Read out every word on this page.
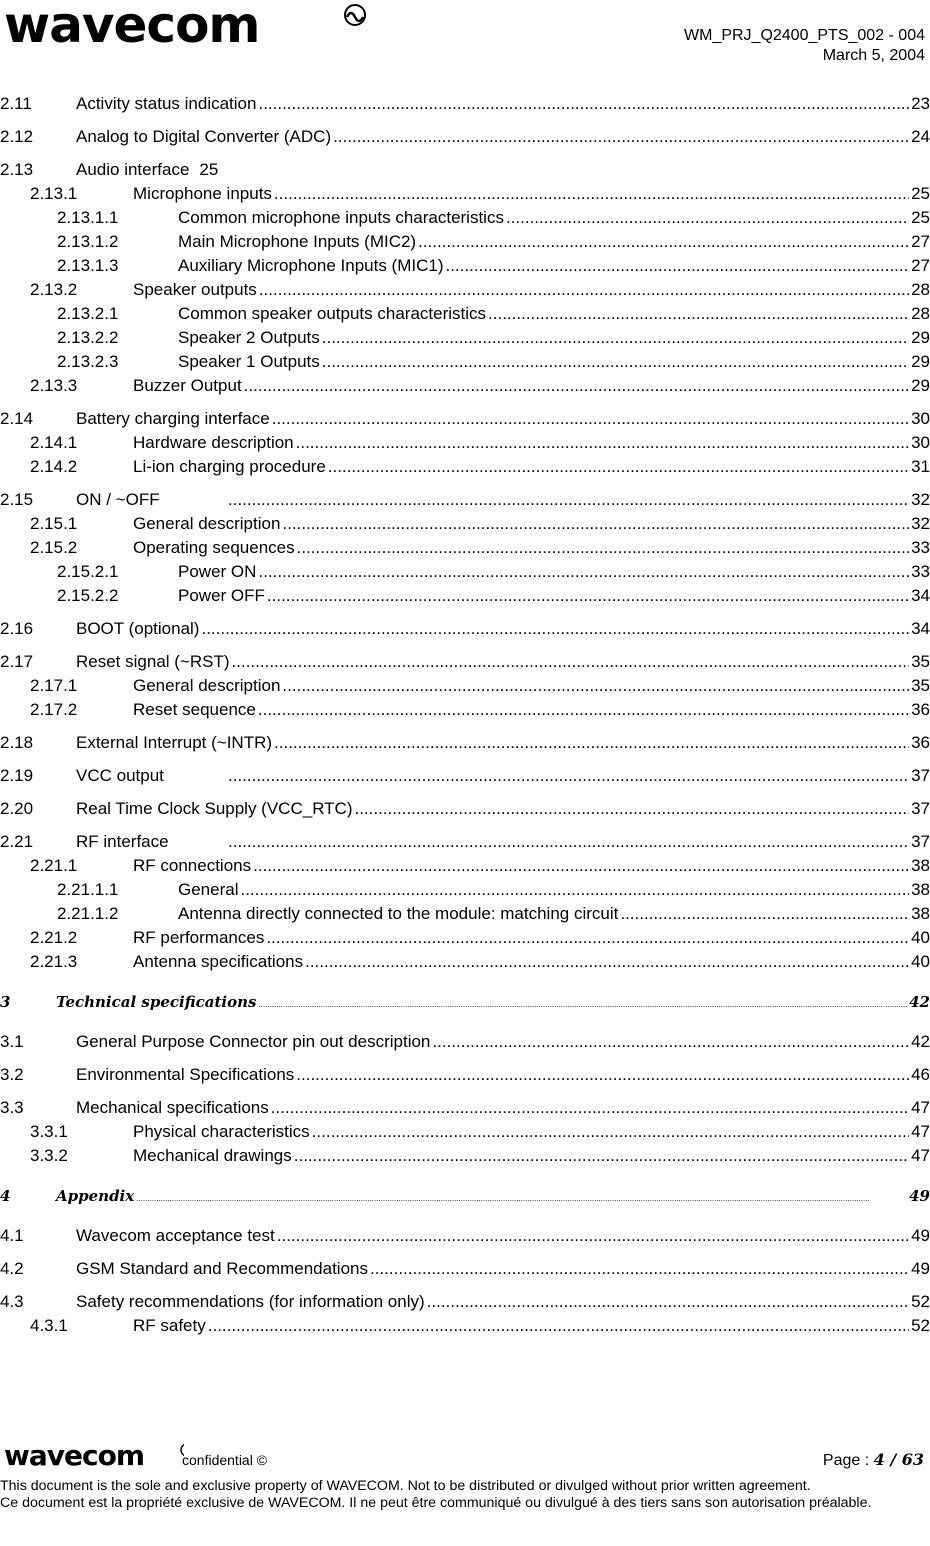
wavecom	WM_PRJ_Q2400_PTS_002 - 004
March 5, 2004
2.11	Activity status indication .....	23
2.12	Analog to Digital Converter (ADC) .....	24
2.13	Audio interface 25
2.13.1	Microphone inputs .....	25
2.13.1.1	Common microphone inputs characteristics .....	25
2.13.1.2	Main Microphone Inputs (MIC2) .....	27
2.13.1.3	Auxiliary Microphone Inputs (MIC1) .....	27
2.13.2	Speaker outputs .....	28
2.13.2.1	Common speaker outputs characteristics .....	28
2.13.2.2	Speaker 2 Outputs .....	29
2.13.2.3	Speaker 1 Outputs .....	29
2.13.3	Buzzer Output .....	29
2.14	Battery charging interface .....	30
2.14.1	Hardware description .....	30
2.14.2	Li-ion charging procedure .....	31
2.15	ON / ~OFF .....	32
2.15.1	General description .....	32
2.15.2	Operating sequences .....	33
2.15.2.1	Power ON .....	33
2.15.2.2	Power OFF .....	34
2.16	BOOT (optional) .....	34
2.17	Reset signal (~RST) .....	35
2.17.1	General description .....	35
2.17.2	Reset sequence .....	36
2.18	External Interrupt (~INTR) .....	36
2.19	VCC output .....	37
2.20	Real Time Clock Supply (VCC_RTC) .....	37
2.21	RF interface .....	37
2.21.1	RF connections .....	38
2.21.1.1	General .....	38
2.21.1.2	Antenna directly connected to the module: matching circuit .....	38
2.21.2	RF performances .....	40
2.21.3	Antenna specifications .....	40
3	Technical specifications .....	42
3.1	General Purpose Connector pin out description .....	42
3.2	Environmental Specifications .....	46
3.3	Mechanical specifications .....	47
3.3.1	Physical characteristics .....	47
3.3.2	Mechanical drawings .....	47
4	Appendix .....	49
4.1	Wavecom acceptance test .....	49
4.2	GSM Standard and Recommendations .....	49
4.3	Safety recommendations (for information only) .....	52
4.3.1	RF safety .....	52
wavecom	confidential ©	Page : 4 / 63

This document is the sole and exclusive property of WAVECOM. Not to be distributed or divulged without prior written agreement.

Ce document est la propriété exclusive de WAVECOM. Il ne peut être communiqué ou divulgué à des tiers sans son autorisation préalable.
